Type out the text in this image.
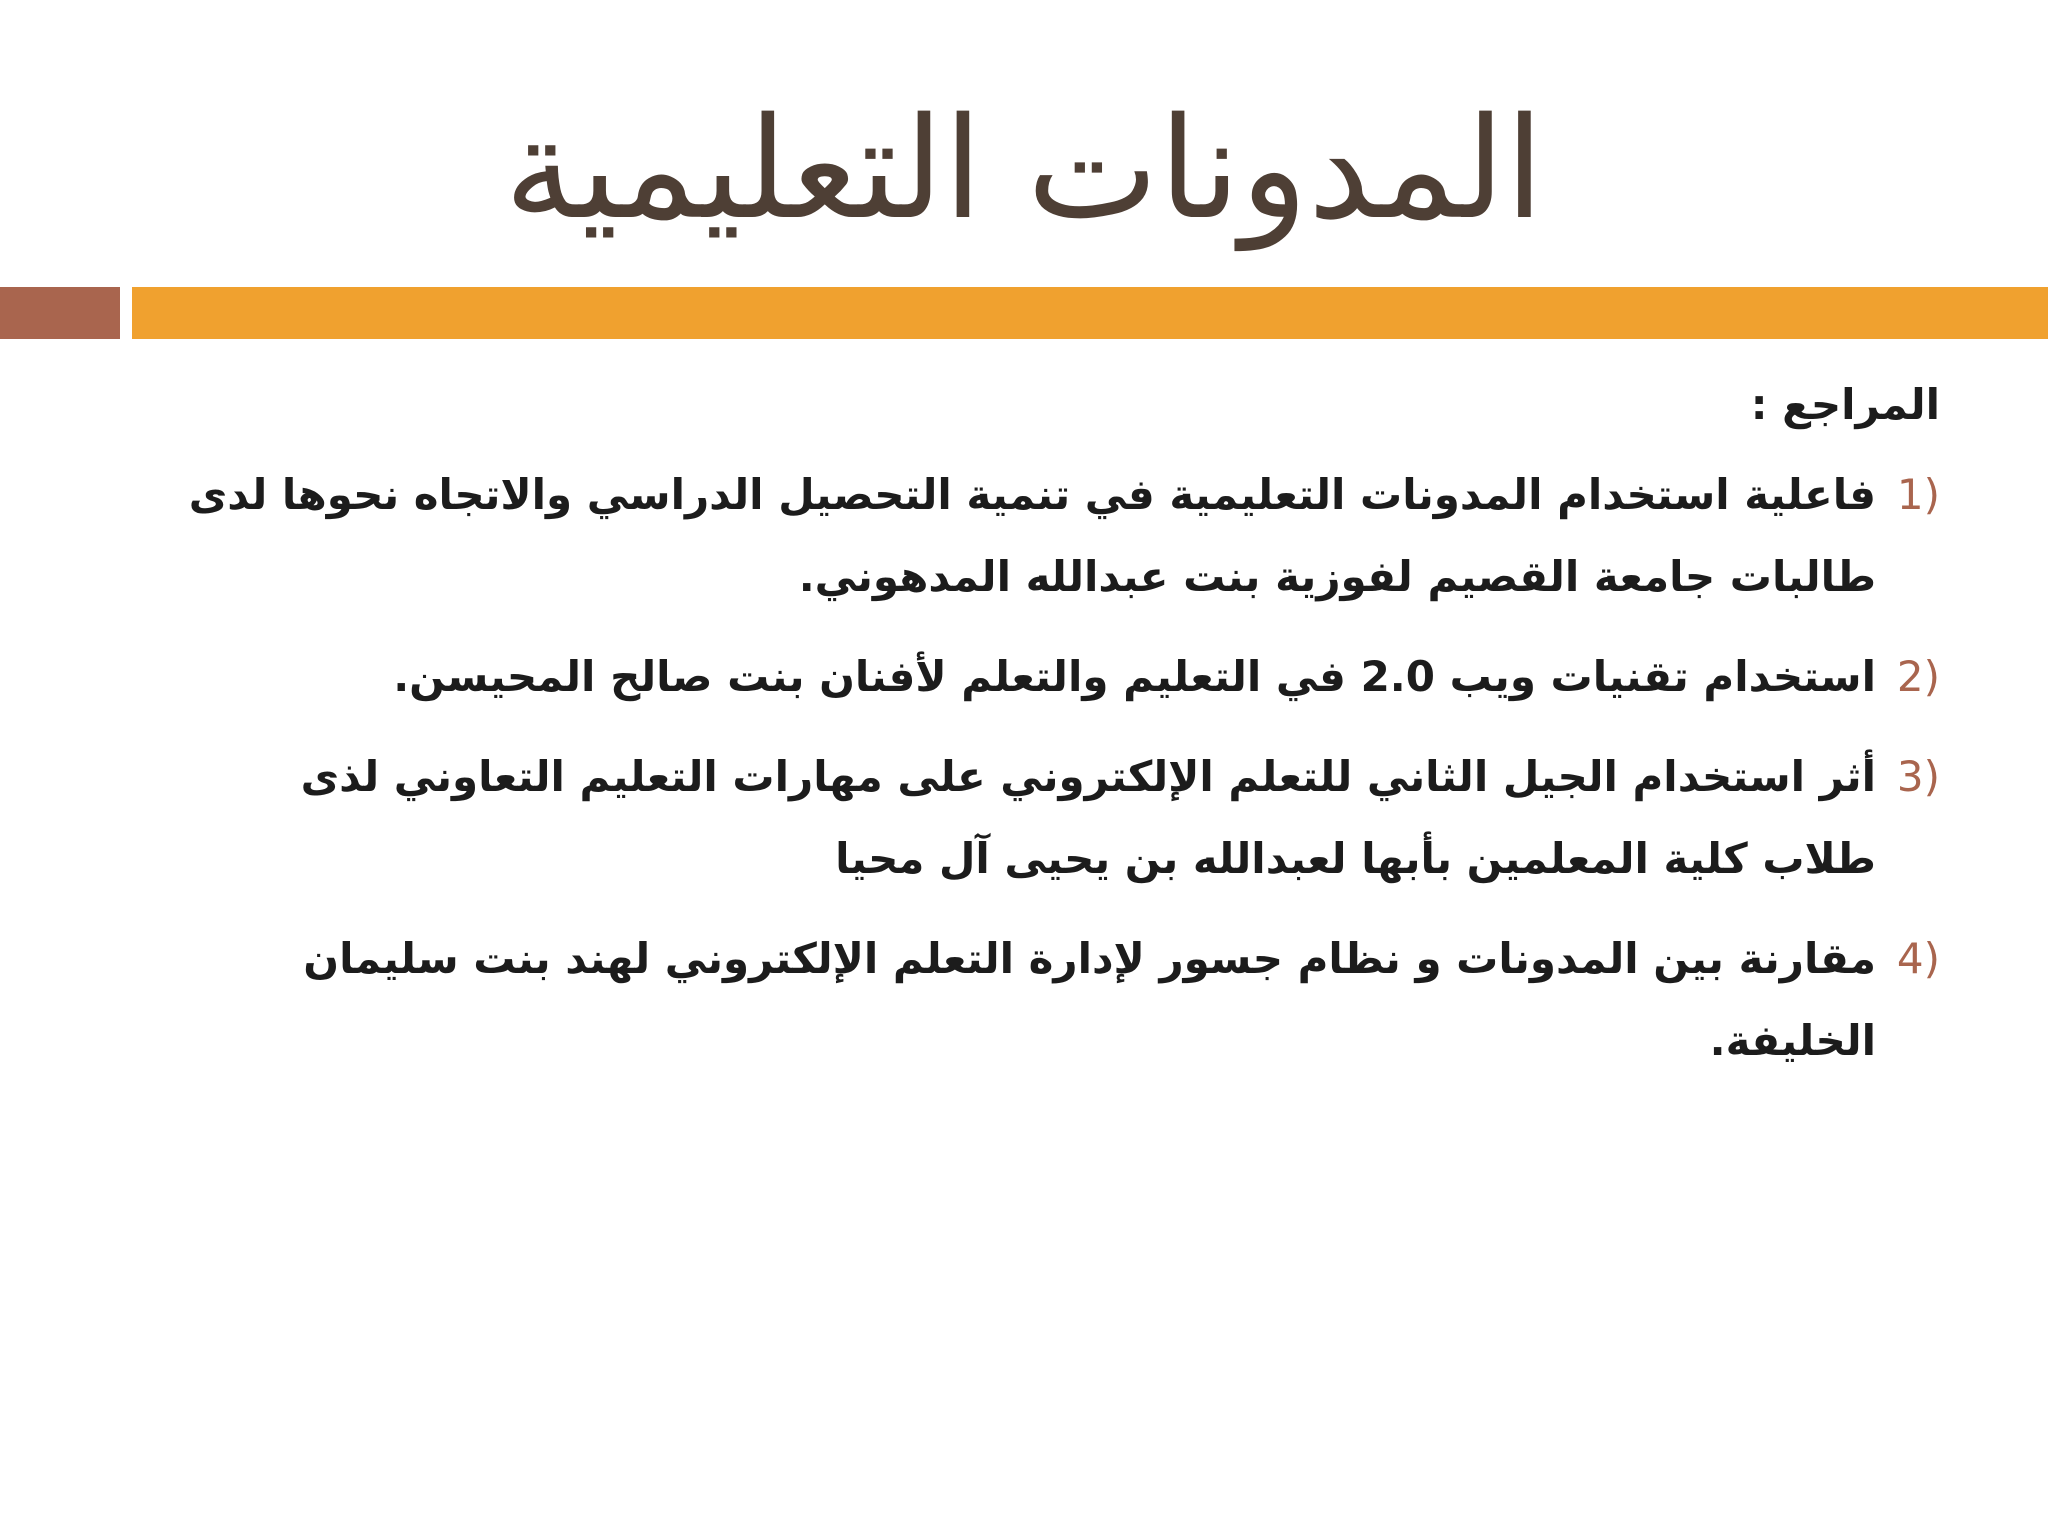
المدونات التعليمية
المراجع :
1)
فاعلية استخدام المدونات التعليمية في تنمية التحصيل الدراسي والاتجاه نحوها لدى طالبات جامعة القصيم لفوزية بنت عبدالله المدهوني.
2)
استخدام تقنيات ويب 2.0 في التعليم والتعلم لأفنان بنت صالح المحيسن.
3)
أثر استخدام الجيل الثاني للتعلم الإلكتروني على مهارات التعليم التعاوني لذى طلاب كلية المعلمين بأبها لعبدالله بن يحيى آل محيا
4)
مقارنة بين المدونات و نظام جسور لإدارة التعلم الإلكتروني لهند بنت سليمان الخليفة.
